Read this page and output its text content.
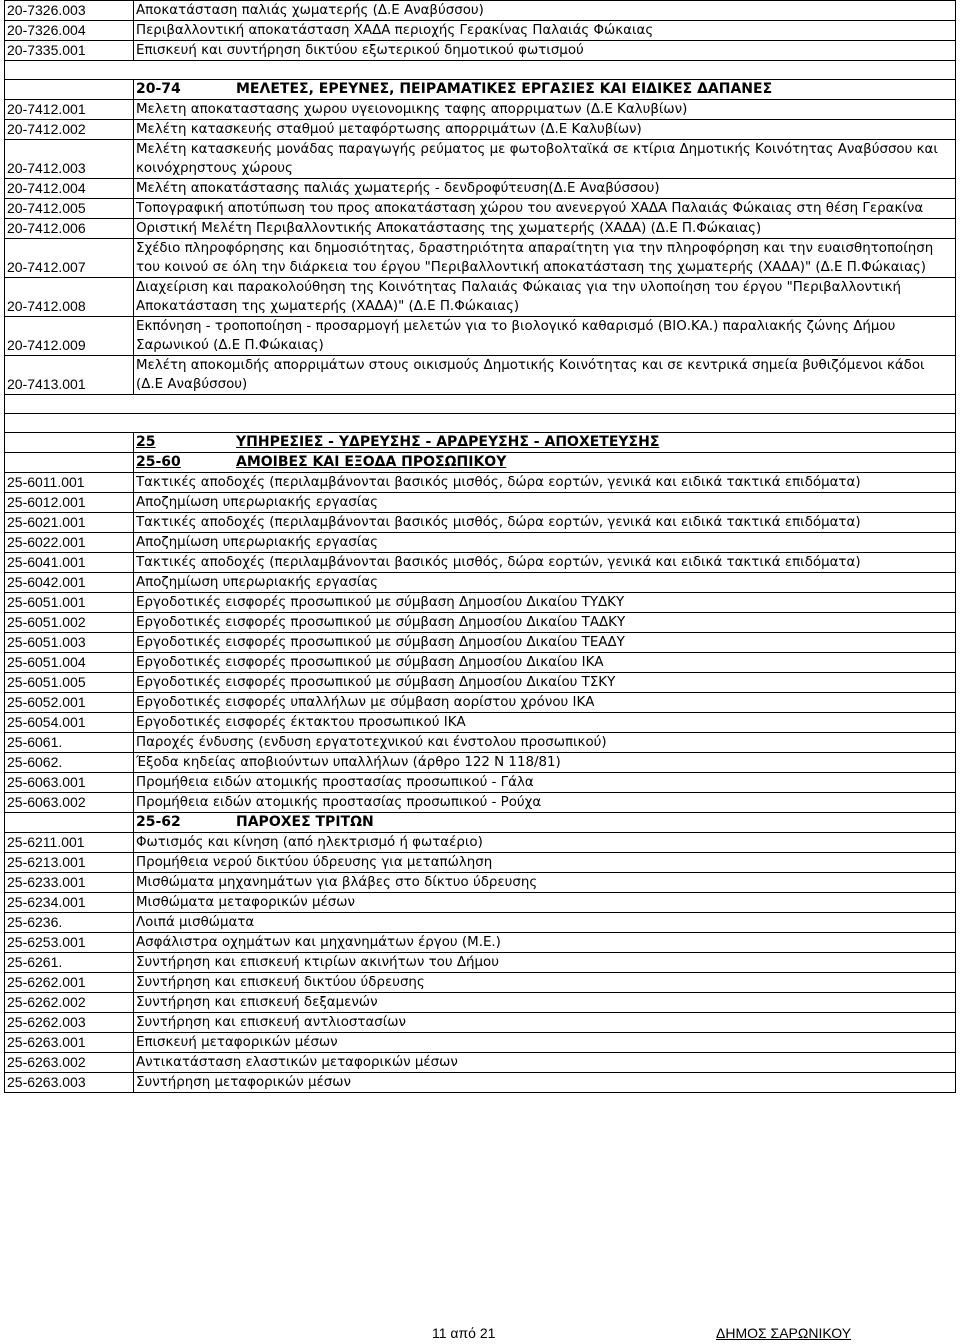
20-7326.003	Αποκατάσταση παλιάς χωματερής (Δ.Ε Αναβύσσου)
20-7326.004	Περιβαλλοντική αποκατάσταση ΧΑΔΑ περιοχής Γερακίνας Παλαιάς Φώκαιας
20-7335.001	Επισκευή και συντήρηση δικτύου εξωτερικού δημοτικού φωτισμού

	20-74 ΜΕΛΕΤΕΣ, ΕΡΕΥΝΕΣ, ΠΕΙΡΑΜΑΤΙΚΕΣ ΕΡΓΑΣΙΕΣ ΚΑΙ ΕΙΔΙΚΕΣ ΔΑΠΑΝΕΣ
20-7412.001	Μελετη αποκαταστασης χωρου υγειονομικης ταφης απορριματων (Δ.Ε Καλυβίων)
20-7412.002	Μελέτη κατασκευής σταθμού μεταφόρτωσης απορριμάτων (Δ.Ε Καλυβίων)
20-7412.003	Μελέτη κατασκευής μονάδας παραγωγής ρεύματος με φωτοβολταϊκά σε κτίρια Δημοτικής Κοινότητας Αναβύσσου και κοινόχρηστους χώρους
20-7412.004	Μελέτη αποκατάστασης παλιάς χωματερής - δενδροφύτευση(Δ.Ε Αναβύσσου)
20-7412.005	Τοπογραφική αποτύπωση του προς αποκατάσταση χώρου του ανενεργού ΧΑΔΑ Παλαιάς Φώκαιας στη θέση Γερακίνα
20-7412.006	Οριστική Μελέτη Περιβαλλοντικής Αποκατάστασης της χωματερής (ΧΑΔΑ) (Δ.Ε Π.Φώκαιας)
20-7412.007	Σχέδιο πληροφόρησης και δημοσιότητας, δραστηριότητα απαραίτητη για την πληροφόρηση και την ευαισθητοποίηση του κοινού σε όλη την διάρκεια του έργου "Περιβαλλοντική αποκατάσταση της χωματερής (ΧΑΔΑ)" (Δ.Ε Π.Φώκαιας)
20-7412.008	Διαχείριση και παρακολούθηση της Κοινότητας Παλαιάς Φώκαιας για την υλοποίηση του έργου "Περιβαλλοντική Αποκατάσταση της χωματερής (ΧΑΔΑ)" (Δ.Ε Π.Φώκαιας)
20-7412.009	Εκπόνηση - τροποποίηση - προσαρμογή μελετών για το βιολογικό καθαρισμό (ΒΙΟ.ΚΑ.) παραλιακής ζώνης Δήμου Σαρωνικού (Δ.Ε Π.Φώκαιας)
20-7413.001	Μελέτη αποκομιδής απορριμάτων στους οικισμούς Δημοτικής Κοινότητας και σε κεντρικά σημεία βυθιζόμενοι κάδοι (Δ.Ε Αναβύσσου)

	25 ΥΠΗΡΕΣΙΕΣ - ΥΔΡΕΥΣΗΣ - ΑΡΔΡΕΥΣΗΣ - ΑΠΟΧΕΤΕΥΣΗΣ
	25-60 ΑΜΟΙΒΕΣ ΚΑΙ ΕΞΟΔΑ ΠΡΟΣΩΠΙΚΟΥ
25-6011.001	Τακτικές αποδοχές (περιλαμβάνονται βασικός μισθός, δώρα εορτών, γενικά και ειδικά τακτικά επιδόματα)
25-6012.001	Αποζημίωση υπερωριακής εργασίας
25-6021.001	Τακτικές αποδοχές (περιλαμβάνονται βασικός μισθός, δώρα εορτών, γενικά και ειδικά τακτικά επιδόματα)
25-6022.001	Αποζημίωση υπερωριακής εργασίας
25-6041.001	Τακτικές αποδοχές (περιλαμβάνονται βασικός μισθός, δώρα εορτών, γενικά και ειδικά τακτικά επιδόματα)
25-6042.001	Αποζημίωση υπερωριακής εργασίας
25-6051.001	Εργοδοτικές εισφορές προσωπικού με σύμβαση Δημοσίου Δικαίου ΤΥΔΚΥ
25-6051.002	Εργοδοτικές εισφορές προσωπικού με σύμβαση Δημοσίου Δικαίου ΤΑΔΚΥ
25-6051.003	Εργοδοτικές εισφορές προσωπικού με σύμβαση Δημοσίου Δικαίου ΤΕΑΔΥ
25-6051.004	Εργοδοτικές εισφορές προσωπικού με σύμβαση Δημοσίου Δικαίου ΙΚΑ
25-6051.005	Εργοδοτικές εισφορές προσωπικού με σύμβαση Δημοσίου Δικαίου ΤΣΚΥ
25-6052.001	Εργοδοτικές εισφορές υπαλλήλων με σύμβαση αορίστου χρόνου ΙΚΑ
25-6054.001	Εργοδοτικές εισφορές έκτακτου προσωπικού ΙΚΑ
25-6061.	Παροχές ένδυσης (ενδυση εργατοτεχνικού και ένστολου προσωπικού)
25-6062.	Έξοδα κηδείας αποβιούντων υπαλλήλων (άρθρο 122 Ν 118/81)
25-6063.001	Προμήθεια ειδών ατομικής προστασίας προσωπικού - Γάλα
25-6063.002	Προμήθεια ειδών ατομικής προστασίας προσωπικού - Ρούχα
	25-62 ΠΑΡΟΧΕΣ ΤΡΙΤΩΝ
25-6211.001	Φωτισμός και κίνηση (από ηλεκτρισμό ή φωταέριο)
25-6213.001	Προμήθεια νερού δικτύου ύδρευσης για μεταπώληση
25-6233.001	Μισθώματα μηχανημάτων για βλάβες στο δίκτυο ύδρευσης
25-6234.001	Μισθώματα μεταφορικών μέσων
25-6236.	Λοιπά μισθώματα
25-6253.001	Ασφάλιστρα οχημάτων και μηχανημάτων έργου (Μ.Ε.)
25-6261.	Συντήρηση και επισκευή κτιρίων ακινήτων του Δήμου
25-6262.001	Συντήρηση και επισκευή δικτύου ύδρευσης
25-6262.002	Συντήρηση και επισκευή δεξαμενών
25-6262.003	Συντήρηση και επισκευή αντλιοστασίων
25-6263.001	Επισκευή μεταφορικών μέσων
25-6263.002	Αντικατάσταση ελαστικών μεταφορικών μέσων
25-6263.003	Συντήρηση μεταφορικών μέσων
11 από 21	ΔΗΜΟΣ ΣΑΡΩΝΙΚΟΥ
